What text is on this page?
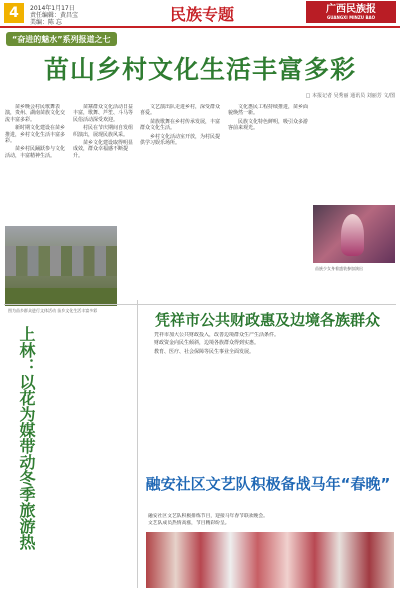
4	2014年1月17日
责任编辑：黄昌宝
美编：陈 忘	民族专题	广西民族报
GUANGXI MINZU BAO
“奋进的魅水”系列报道之七
苗山乡村文化生活丰富多彩
□ 本报记者 吴秀丽 通讯员 刘丽芳 文/图

苗乡晚会村民歌舞表演，贵州、湖南苗族文化交流丰富多彩。

新时期文化建设在苗乡推进，乡村文化生活丰富多彩。

苗乡村民踊跃参与文化活动，丰富精神生活。

苗寨群众文化活动日益丰富，歌舞、芦笙、斗马等民俗活动深受欢迎。

村民在节庆期间自发组织演出，展现民族风采。

苗乡文化建设取得明显成效，群众幸福感不断提升。

文艺演出队走进乡村，深受群众喜爱。

苗族歌舞在乡村传承发展，丰富群众文化生活。

乡村文化活动室开放，为村民提供学习娱乐场所。

文化惠民工程持续推进，苗乡面貌焕然一新。

民族文化特色鲜明，吸引众多游客前来观光。

图为苗乡群众进行文体活动 苗乡文化生活丰富多彩
苗族少女身着盛装参加演出
上林：以花为媒带动冬季旅游热
凭祥市公共财政惠及边境各族群众

凭祥市加大公共财政投入，改善边境群众生产生活条件。

财政资金向民生倾斜，边境各族群众得到实惠。

教育、医疗、社会保障等民生事业全面发展。

融安社区文艺队积极备战马年“春晚”

融安社区文艺队积极排练节目，迎接马年春节联欢晚会。

文艺队成员热情高涨，节目精彩纷呈。
